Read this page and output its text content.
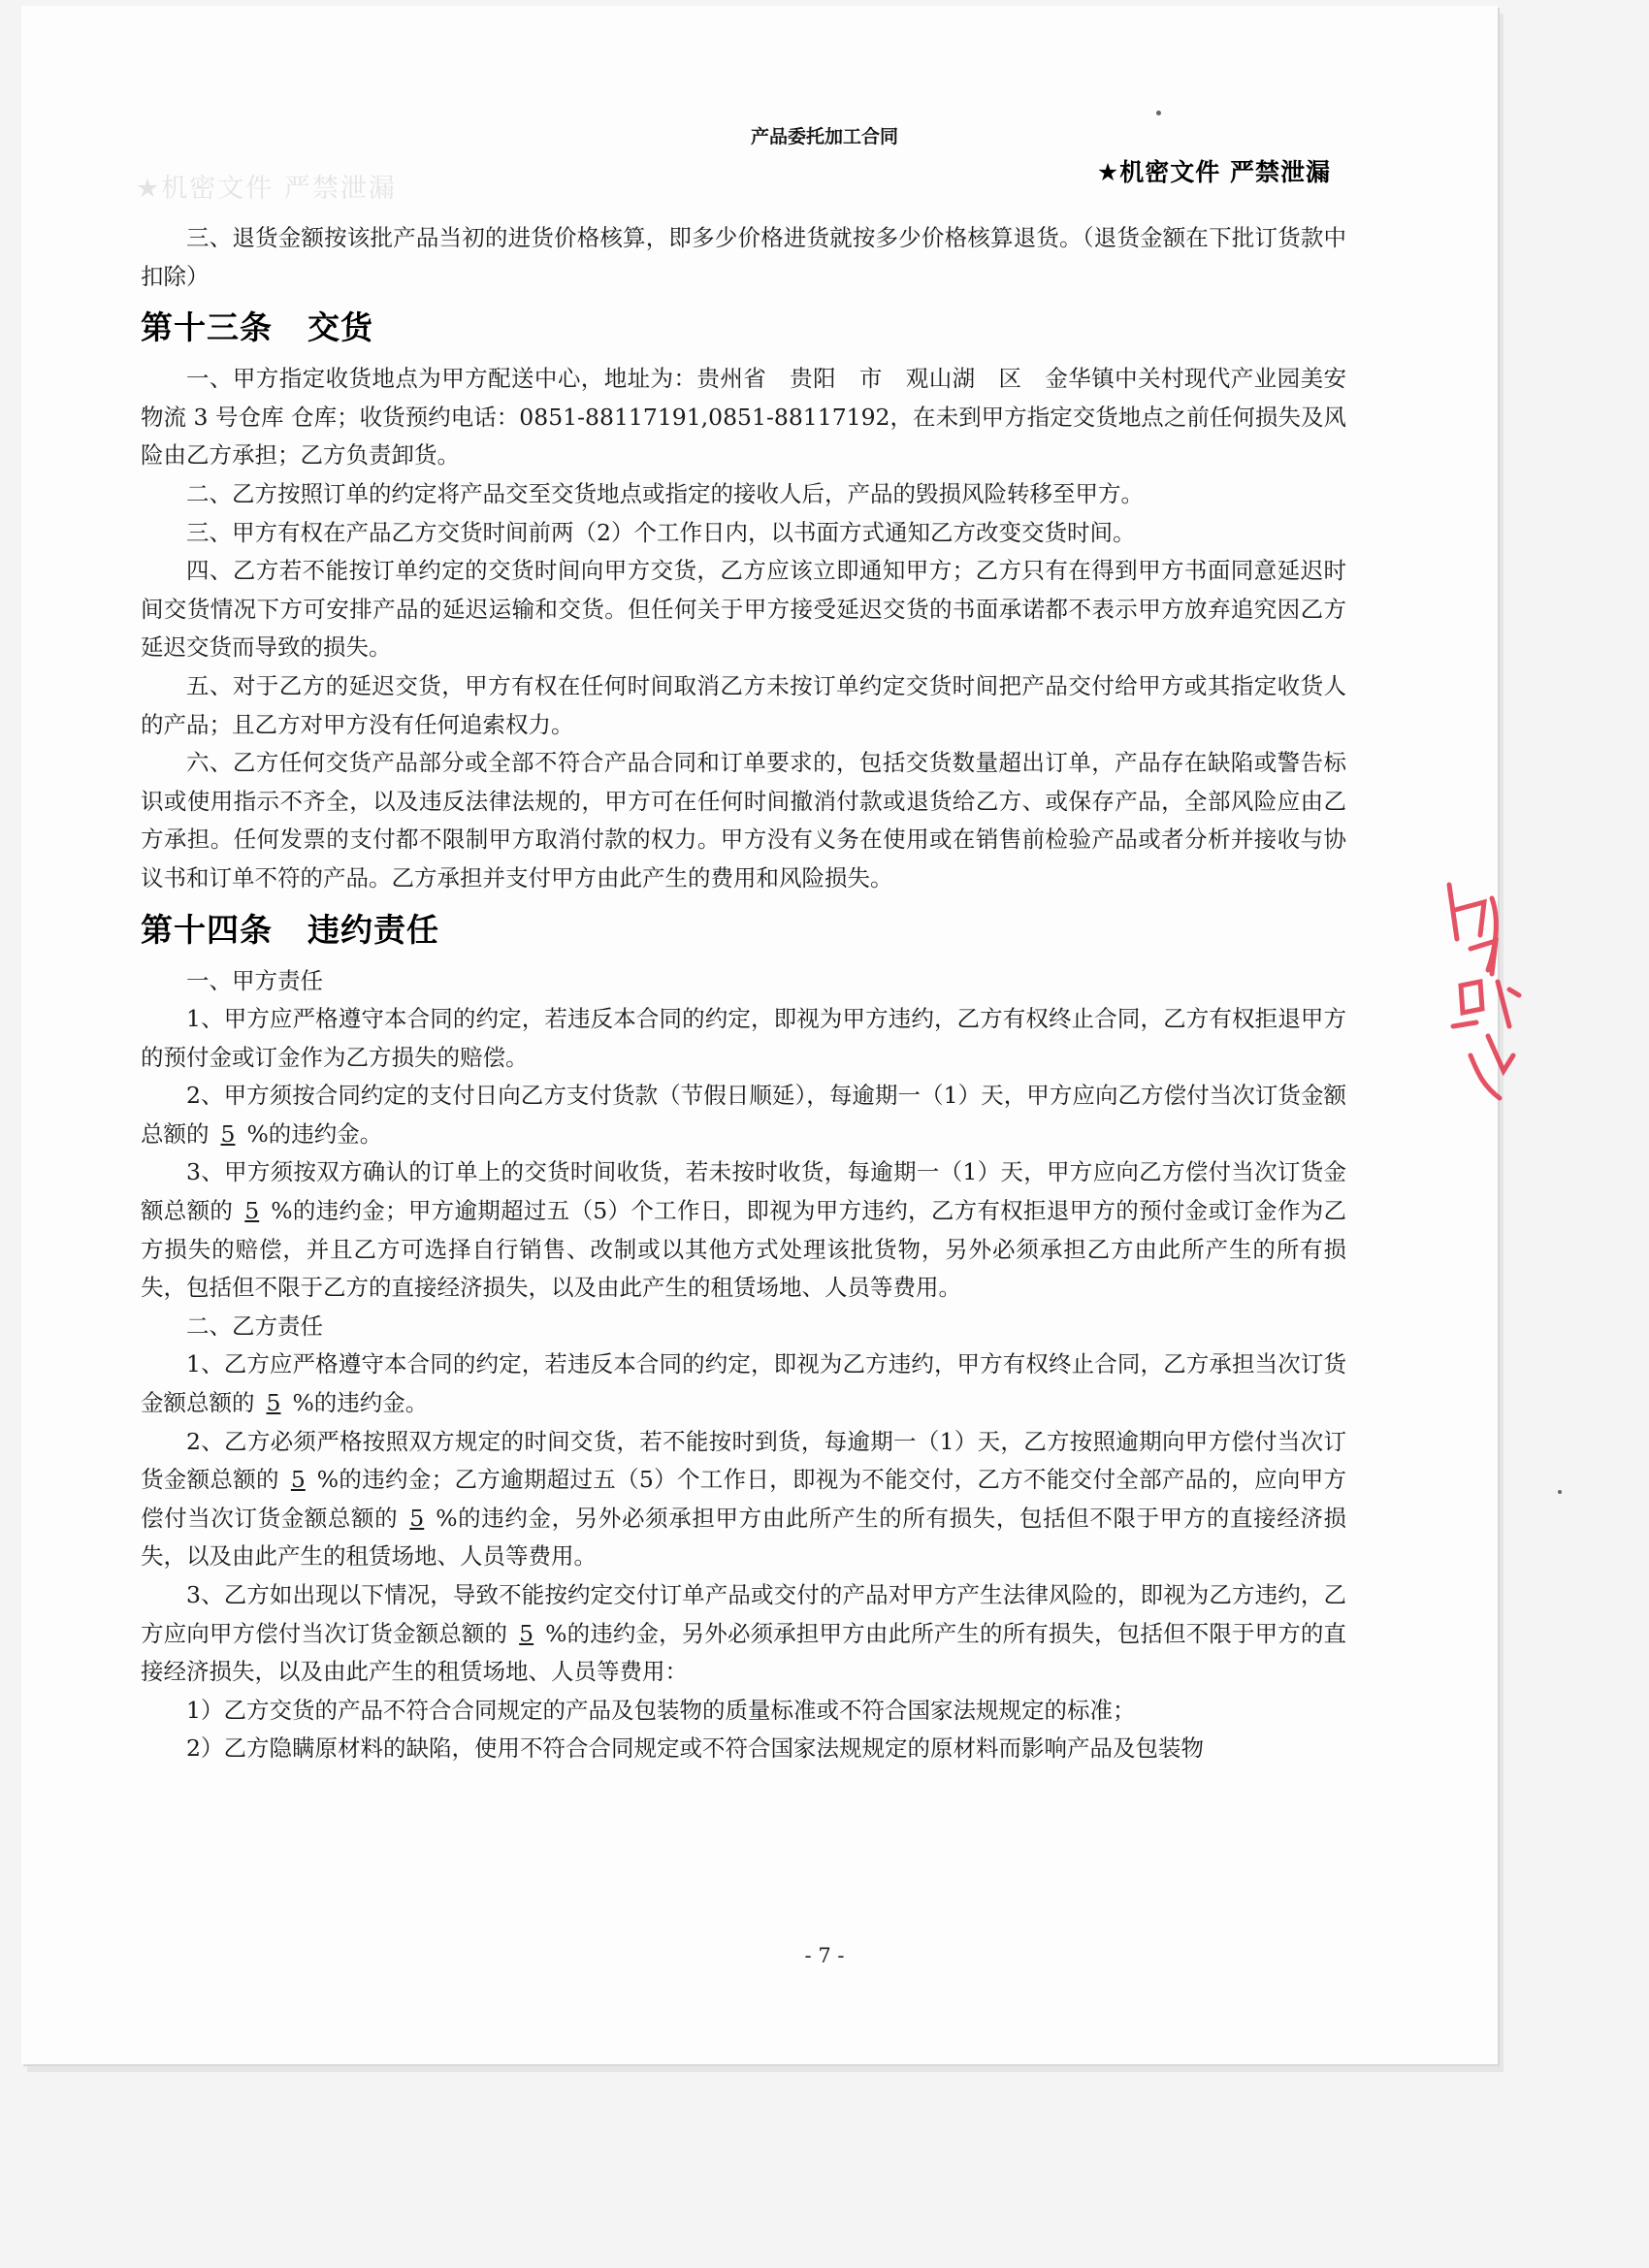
★机密文件 严禁泄漏
产品委托加工合同
★机密文件 严禁泄漏

三、退货金额按该批产品当初的进货价格核算，即多少价格进货就按多少价格核算退货。（退货金额在下批订货款中扣除）

第十三条 交货

一、甲方指定收货地点为甲方配送中心，地址为：贵州省　贵阳　市　观山湖　区　金华镇中关村现代产业园美安物流 3 号仓库 仓库；收货预约电话：0851-88117191,0851-88117192，在未到甲方指定交货地点之前任何损失及风险由乙方承担；乙方负责卸货。

二、乙方按照订单的约定将产品交至交货地点或指定的接收人后，产品的毁损风险转移至甲方。

三、甲方有权在产品乙方交货时间前两（2）个工作日内，以书面方式通知乙方改变交货时间。

四、乙方若不能按订单约定的交货时间向甲方交货，乙方应该立即通知甲方；乙方只有在得到甲方书面同意延迟时间交货情况下方可安排产品的延迟运输和交货。但任何关于甲方接受延迟交货的书面承诺都不表示甲方放弃追究因乙方延迟交货而导致的损失。

五、对于乙方的延迟交货，甲方有权在任何时间取消乙方未按订单约定交货时间把产品交付给甲方或其指定收货人的产品；且乙方对甲方没有任何追索权力。

六、乙方任何交货产品部分或全部不符合产品合同和订单要求的，包括交货数量超出订单，产品存在缺陷或警告标识或使用指示不齐全，以及违反法律法规的，甲方可在任何时间撤消付款或退货给乙方、或保存产品，全部风险应由乙方承担。任何发票的支付都不限制甲方取消付款的权力。甲方没有义务在使用或在销售前检验产品或者分析并接收与协议书和订单不符的产品。乙方承担并支付甲方由此产生的费用和风险损失。

第十四条 违约责任

一、甲方责任

1、甲方应严格遵守本合同的约定，若违反本合同的约定，即视为甲方违约，乙方有权终止合同，乙方有权拒退甲方的预付金或订金作为乙方损失的赔偿。

2、甲方须按合同约定的支付日向乙方支付货款（节假日顺延），每逾期一（1）天，甲方应向乙方偿付当次订货金额总额的 5 %的违约金。

3、甲方须按双方确认的订单上的交货时间收货，若未按时收货，每逾期一（1）天，甲方应向乙方偿付当次订货金额总额的 5 %的违约金；甲方逾期超过五（5）个工作日，即视为甲方违约，乙方有权拒退甲方的预付金或订金作为乙方损失的赔偿，并且乙方可选择自行销售、改制或以其他方式处理该批货物，另外必须承担乙方由此所产生的所有损失，包括但不限于乙方的直接经济损失，以及由此产生的租赁场地、人员等费用。

二、乙方责任

1、乙方应严格遵守本合同的约定，若违反本合同的约定，即视为乙方违约，甲方有权终止合同，乙方承担当次订货金额总额的 5 %的违约金。

2、乙方必须严格按照双方规定的时间交货，若不能按时到货，每逾期一（1）天，乙方按照逾期向甲方偿付当次订货金额总额的 5 %的违约金；乙方逾期超过五（5）个工作日，即视为不能交付，乙方不能交付全部产品的，应向甲方偿付当次订货金额总额的 5 %的违约金，另外必须承担甲方由此所产生的所有损失，包括但不限于甲方的直接经济损失，以及由此产生的租赁场地、人员等费用。

3、乙方如出现以下情况，导致不能按约定交付订单产品或交付的产品对甲方产生法律风险的，即视为乙方违约，乙方应向甲方偿付当次订货金额总额的 5 %的违约金，另外必须承担甲方由此所产生的所有损失，包括但不限于甲方的直接经济损失，以及由此产生的租赁场地、人员等费用：

1）乙方交货的产品不符合合同规定的产品及包装物的质量标准或不符合国家法规规定的标准；

2）乙方隐瞒原材料的缺陷，使用不符合合同规定或不符合国家法规规定的原材料而影响产品及包装物

- 7 -
